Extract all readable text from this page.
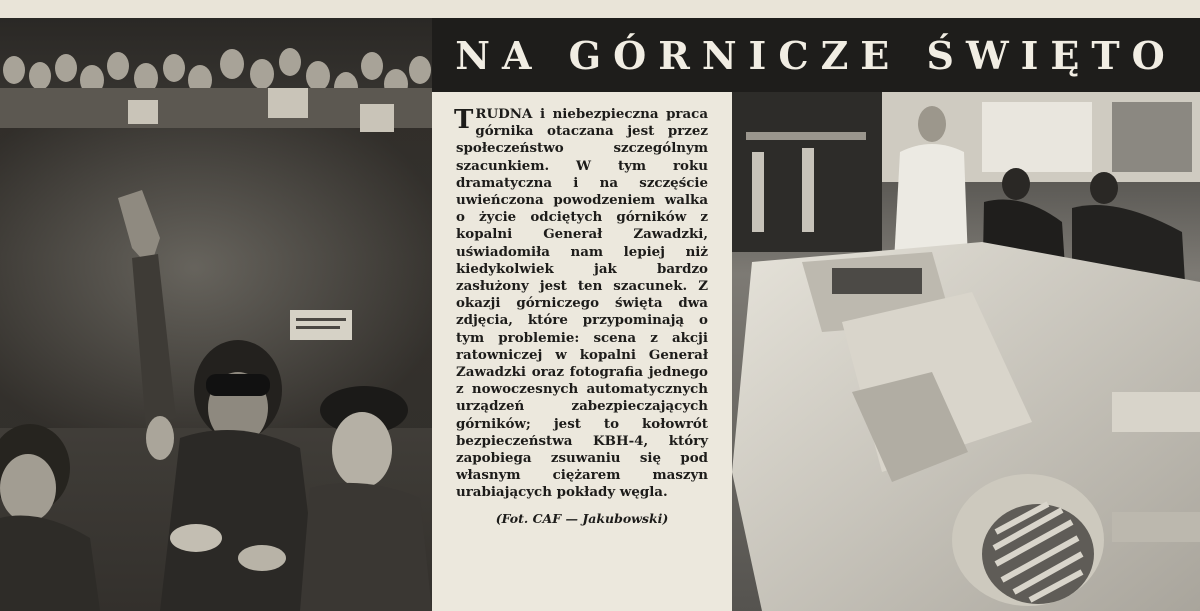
NA GÓRNICZE ŚWIĘTO

TRUDNA i niebezpieczna praca górnika otaczana jest przez społeczeństwo szczególnym szacunkiem. W tym roku dramatyczna i na szczęście uwieńczona powodzeniem walka o życie odciętych górników z kopalni Generał Zawadzki, uświadomiła nam lepiej niż kiedykolwiek jak bardzo zasłużony jest ten szacunek. Z okazji górniczego święta dwa zdjęcia, które przypominają o tym problemie: scena z akcji ratowniczej w kopalni Generał Zawadzki oraz fotografia jednego z nowoczesnych automatycznych urządzeń zabezpieczających górników; jest to kołowrót bezpieczeństwa KBH-4, który zapobiega zsuwaniu się pod własnym ciężarem maszyn urabiających pokłady węgla.

(Fot. CAF — Jakubowski)
